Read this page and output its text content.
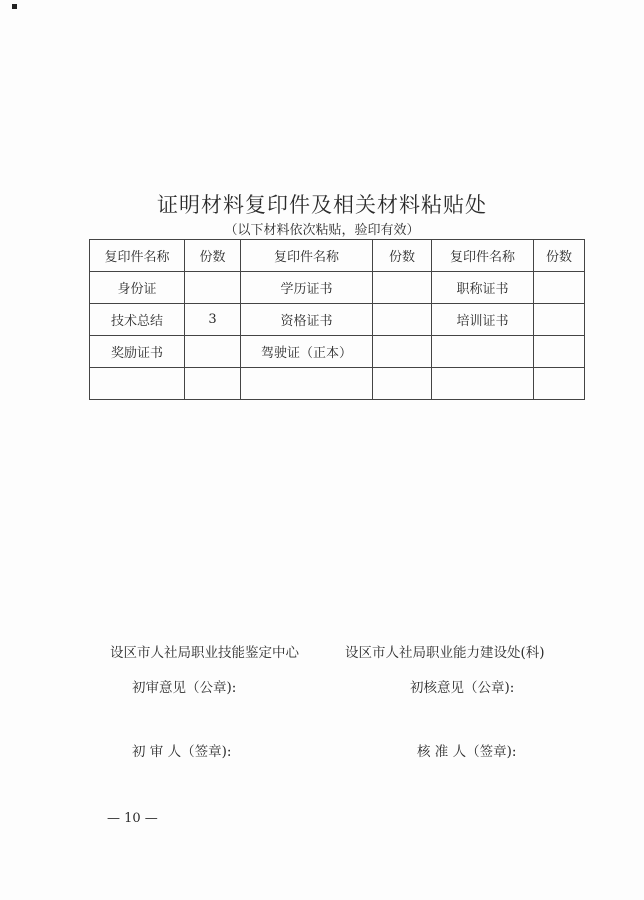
证明材料复印件及相关材料粘贴处
（以下材料依次粘贴，验印有效）
复印件名称	份数	复印件名称	份数	复印件名称	份数
身份证		学历证书		职称证书	
技术总结	3	资格证书		培训证书	
奖励证书		驾驶证（正本）			

设区市人社局职业技能鉴定中心	设区市人社局职业能力建设处(科)
初审意见（公章):	初核意见（公章):
初 审 人（签章):	核 准 人（签章):
— 10 —
